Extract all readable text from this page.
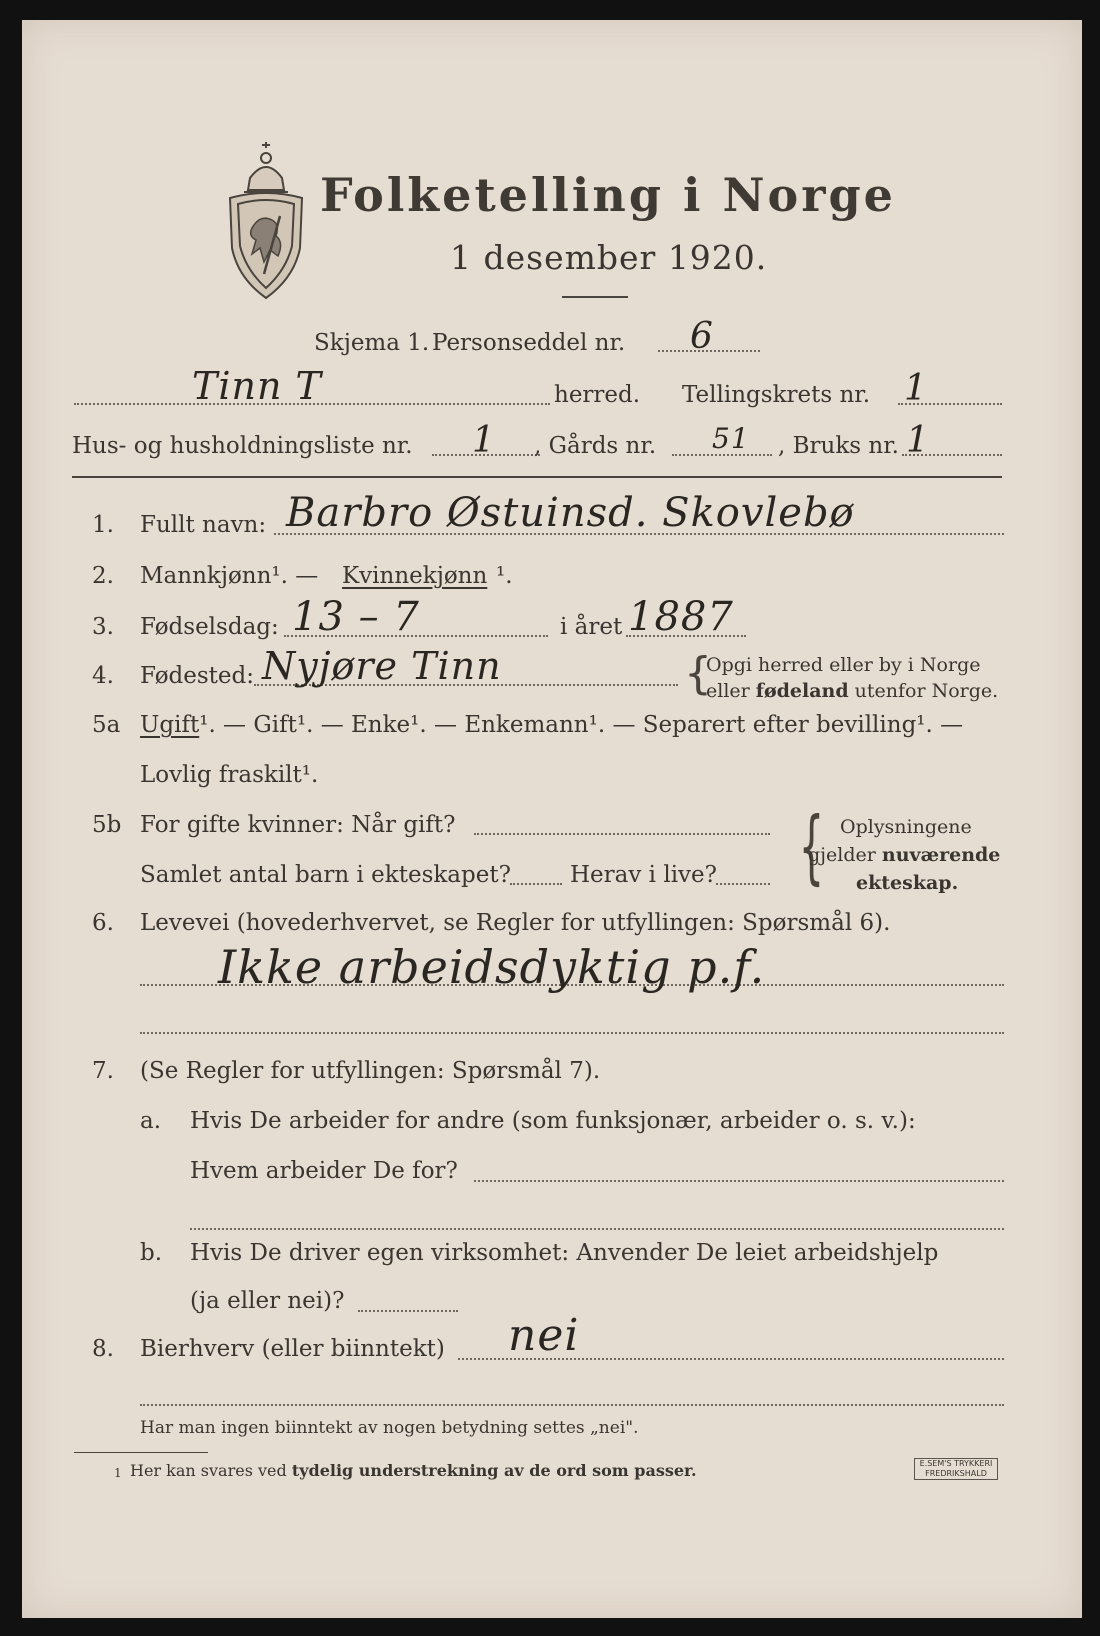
Folketelling i Norge
1 desember 1920.
Skjema 1. Personseddel nr. 6
Tinn T	herred. Tellingskrets nr. 1
Hus- og husholdningsliste nr. 1 , Gårds nr. 51 , Bruks nr. 1
1. Fullt navn: Barbro Østuinsd. Skovlebø
2. Mannkjønn¹. — Kvinnekjønn ¹.
3. Fødselsdag: 13 – 7	i året 1887
4. Fødested: Nyjøre Tinn	{
Opgi herred eller by i Norge
eller fødeland utenfor Norge.
5a Ugift¹. — Gift¹. — Enke¹. — Enkemann¹. — Separert efter bevilling¹. —
Lovlig fraskilt¹.
5b For gifte kvinner: Når gift?
Samlet antal barn i ekteskapet?	Herav i live? { Oplysningene
gjelder nuværende
ekteskap.
6. Levevei (hovederhvervet, se Regler for utfyllingen: Spørsmål 6).
Ikke arbeidsdyktig p.f.
7. (Se Regler for utfyllingen: Spørsmål 7).
a. Hvis De arbeider for andre (som funksjonær, arbeider o. s. v.):
Hvem arbeider De for?
b. Hvis De driver egen virksomhet: Anvender De leiet arbeidshjelp
(ja eller nei)?
8. Bierhverv (eller biinntekt) nei
Har man ingen biinntekt av nogen betydning settes „nei".
1 Her kan svares ved tydelig understrekning av de ord som passer.	E.SEM'S TRYKKERI
FREDRIKSHALD
